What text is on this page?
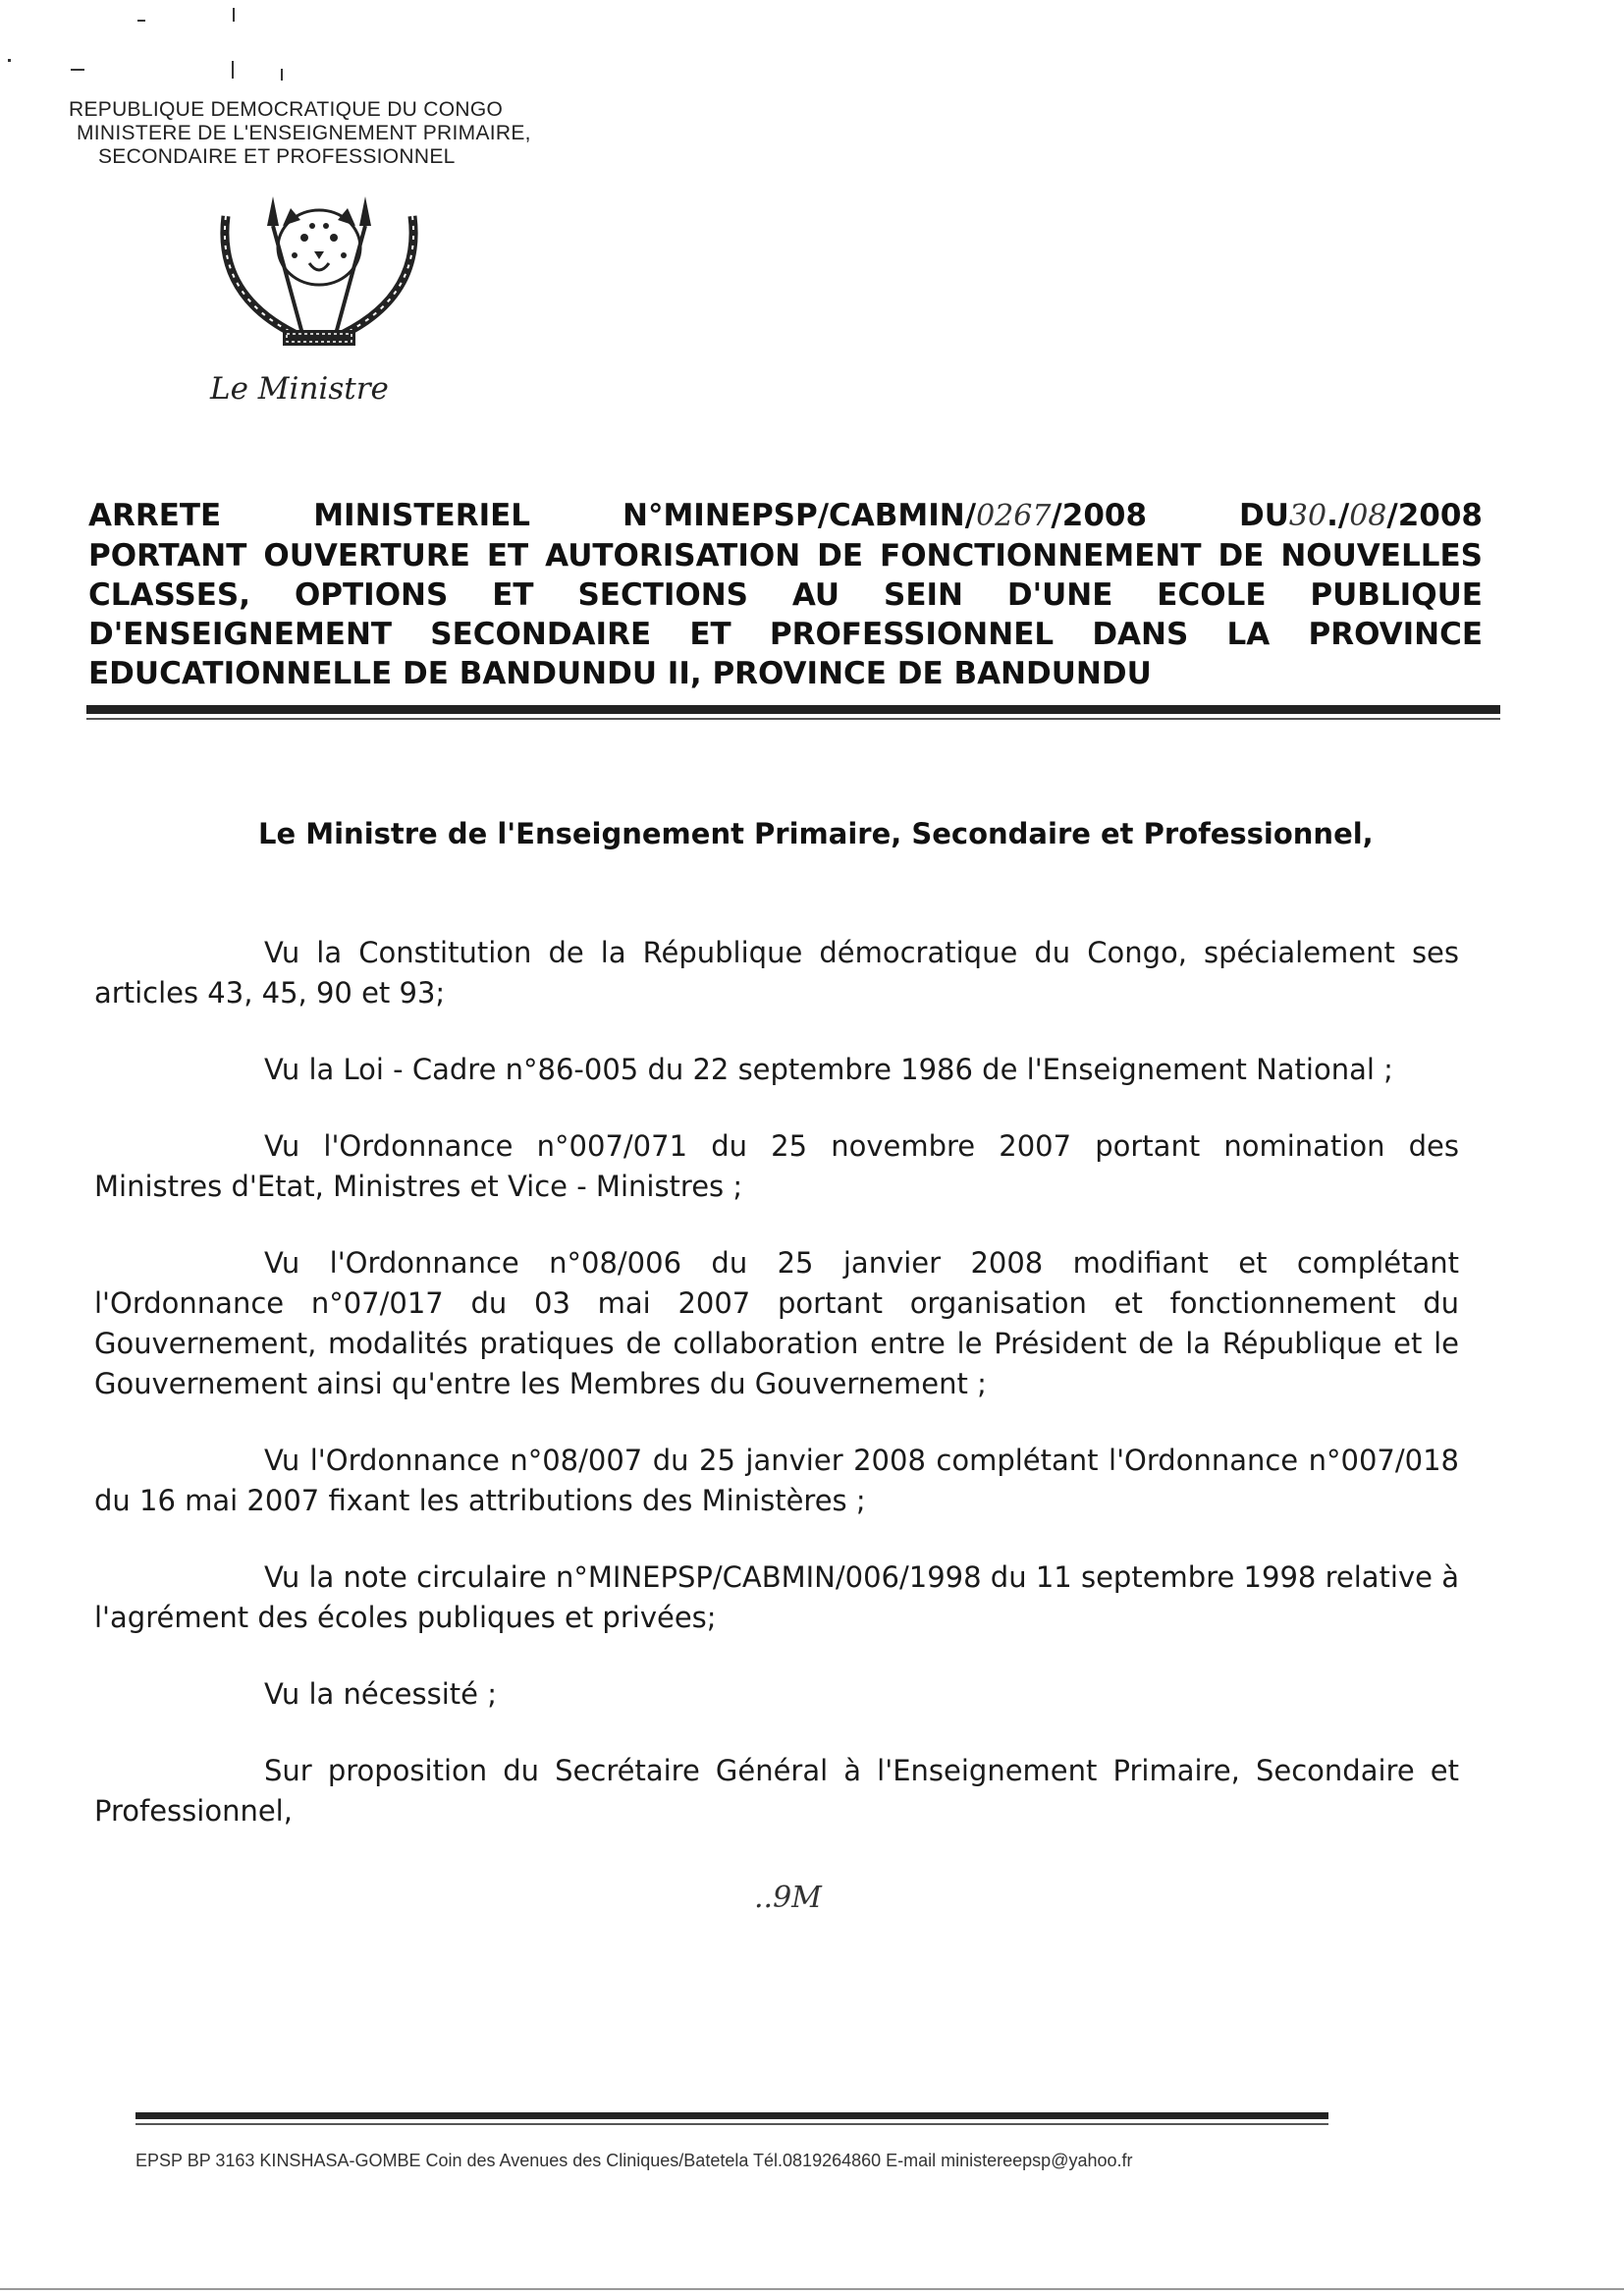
REPUBLIQUE DEMOCRATIQUE DU CONGO
MINISTERE DE L'ENSEIGNEMENT PRIMAIRE,
SECONDAIRE ET PROFESSIONNEL
Le Ministre
ARRETE	MINISTERIEL	N°MINEPSP/CABMIN/0267/2008	DU30./08/2008
PORTANT OUVERTURE ET AUTORISATION DE FONCTIONNEMENT DE NOUVELLES
CLASSES, OPTIONS ET SECTIONS AU SEIN D'UNE ECOLE PUBLIQUE
D'ENSEIGNEMENT SECONDAIRE ET PROFESSIONNEL DANS LA PROVINCE
EDUCATIONNELLE DE BANDUNDU II, PROVINCE DE BANDUNDU
Le Ministre de l'Enseignement Primaire, Secondaire et Professionnel,

Vu la Constitution de la République démocratique du Congo, spécialement ses articles 43, 45, 90 et 93;

Vu la Loi - Cadre n°86-005 du 22 septembre 1986 de l'Enseignement National ;

Vu l'Ordonnance n°007/071 du 25 novembre 2007 portant nomination des Ministres d'Etat, Ministres et Vice - Ministres ;

Vu l'Ordonnance n°08/006 du 25 janvier 2008 modifiant et complétant l'Ordonnance n°07/017 du 03 mai 2007 portant organisation et fonctionnement du Gouvernement, modalités pratiques de collaboration entre le Président de la République et le Gouvernement ainsi qu'entre les Membres du Gouvernement ;

Vu l'Ordonnance n°08/007 du 25 janvier 2008 complétant l'Ordonnance n°007/018 du 16 mai 2007 fixant les attributions des Ministères ;

Vu la note circulaire n°MINEPSP/CABMIN/006/1998 du 11 septembre 1998 relative à l'agrément des écoles publiques et privées;

Vu la nécessité ;

Sur proposition du Secrétaire Général à l'Enseignement Primaire, Secondaire et Professionnel,

..9M
EPSP BP 3163 KINSHASA-GOMBE Coin des Avenues des Cliniques/Batetela Tél.0819264860 E-mail ministereepsp@yahoo.fr
